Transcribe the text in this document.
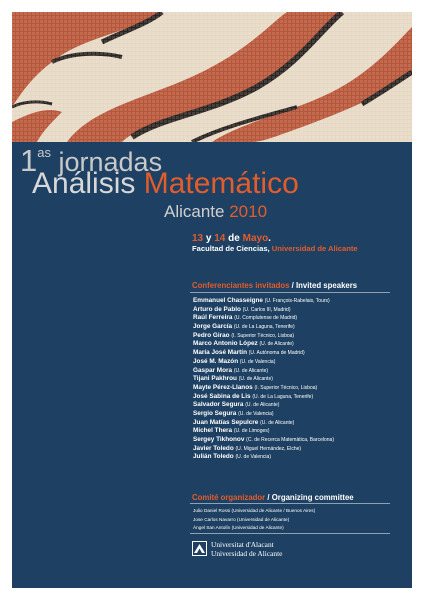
$1^{as}$ jornadas
Análisis Matemático
Alicante 2010
13 y 14 de Mayo.
Facultad de Ciencias, Universidad de Alicante
Conferenciantes invitados / Invited speakers
Emmanuel Chasseigne (U. François-Rabelais, Tours)
Arturo de Pablo (U. Carlos III, Madrid)
Raúl Ferreira (U. Complutense de Madrid)
Jorge García (U. de La Laguna, Tenerife)
Pedro Girao (I. Superior Técnico, Lisboa)
Marco Antonio López (U. de Alicante)
María José Martín (U. Autónoma de Madrid)
José M. Mazón (U. de Valencia)
Gaspar Mora (U. de Alicante)
Tijani Pakhrou (U. de Alicante)
Mayte Pérez-Llanos (I. Superior Técnico, Lisboa)
José Sabina de Lis (U. de La Laguna, Tenerife)
Salvador Segura (U. de Alicante)
Sergio Segura (U. de Valencia)
Juan Matías Sepulcre (U. de Alicante)
Michel Thera (U. de Limoges)
Sergey Tikhonov (C. de Recerca Matemàtica, Barcelona)
Javier Toledo (U. Miguel Hernández, Elche)
Julián Toledo (U. de Valencia)
Comité organizador / Organizing committee
Julio Daniel Rossi (Universidad de Alicante / Buenos Aires)
Jose Carlos Navarro (Universidad de Alicante)
Ángel San Antolín (Universidad de Alicante)
Universitat d'Alacant
Universidad de Alicante
